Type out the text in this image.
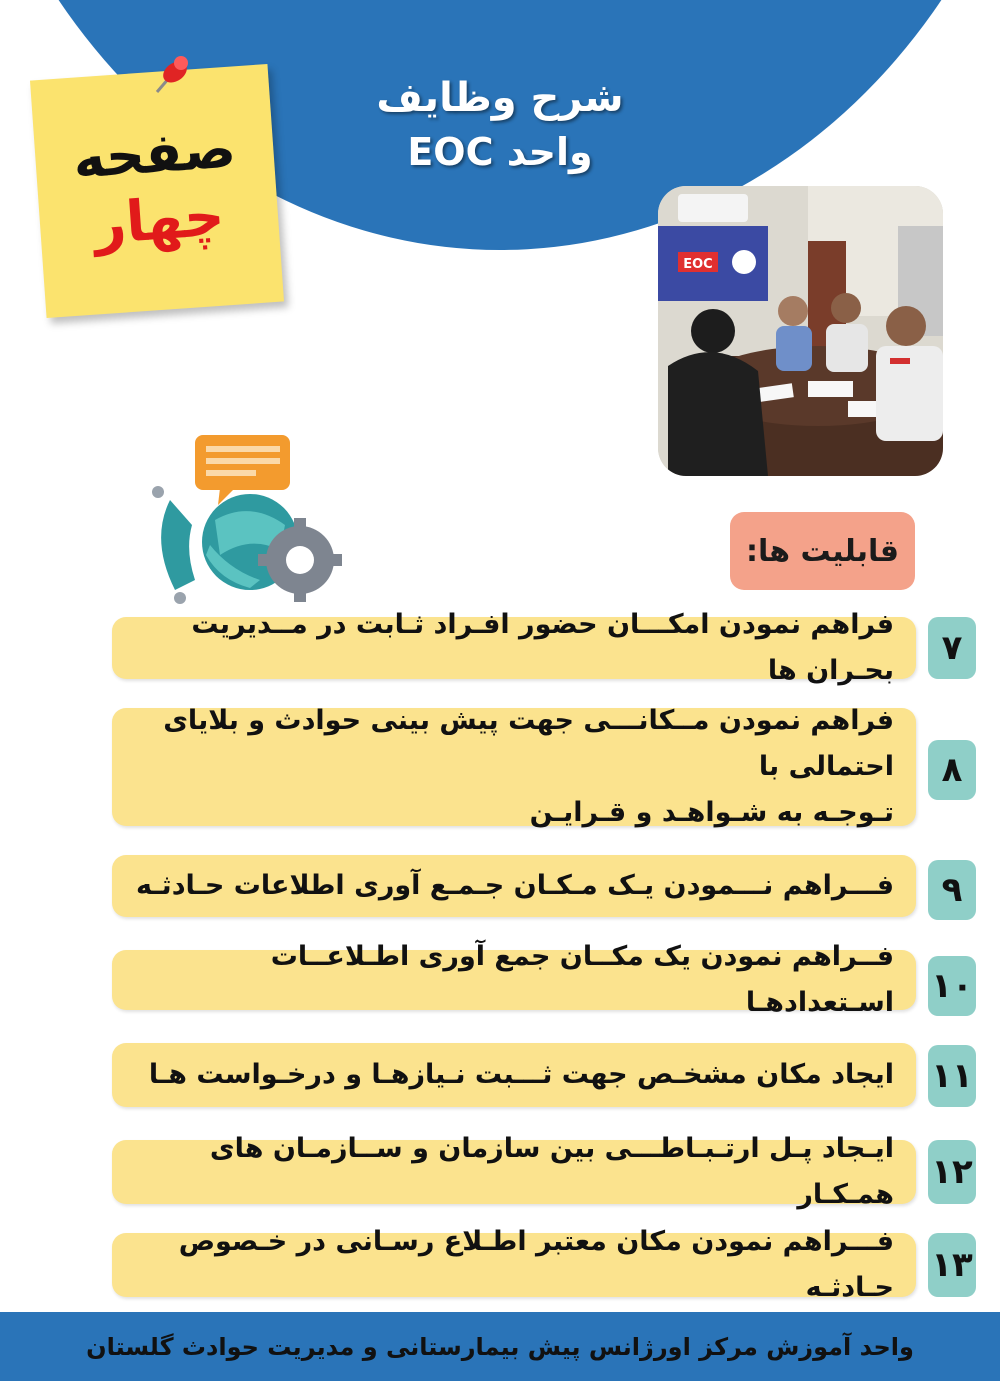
شرح وظایف
واحد EOC
صفحه
چهار
EOC
قابلیت ها:
فراهم نمودن امکـــان حضور افـراد ثـابت در مــدیریت بحـران ها
۷
فراهم نمودن مــکانـــی جهت پیش بینی حوادث و بلایای احتمالی با
تـوجـه به شـواهـد و قـرایـن
۸
فـــراهم نـــمودن یـک مـکـان جـمـع آوری اطلاعات حـادثـه	۹
فــراهم نمودن یک مکــان جمع آوری اطـلاعــات اسـتعدادهـا ۱۰
ایجاد مکان مشخـص جهت ثـــبت نـیازهـا و درخـواست هـا ۱۱
ایـجاد پـل ارتـبـاطـــی بین سازمان و ســازمـان های همـکـار
۱۲
فـــراهم نمودن مکان معتبر اطـلاع رسـانی در خـصوص حـادثـه
۱۳
واحد آموزش مرکز اورژانس پیش بیمارستانی و مدیریت حوادث گلستان
